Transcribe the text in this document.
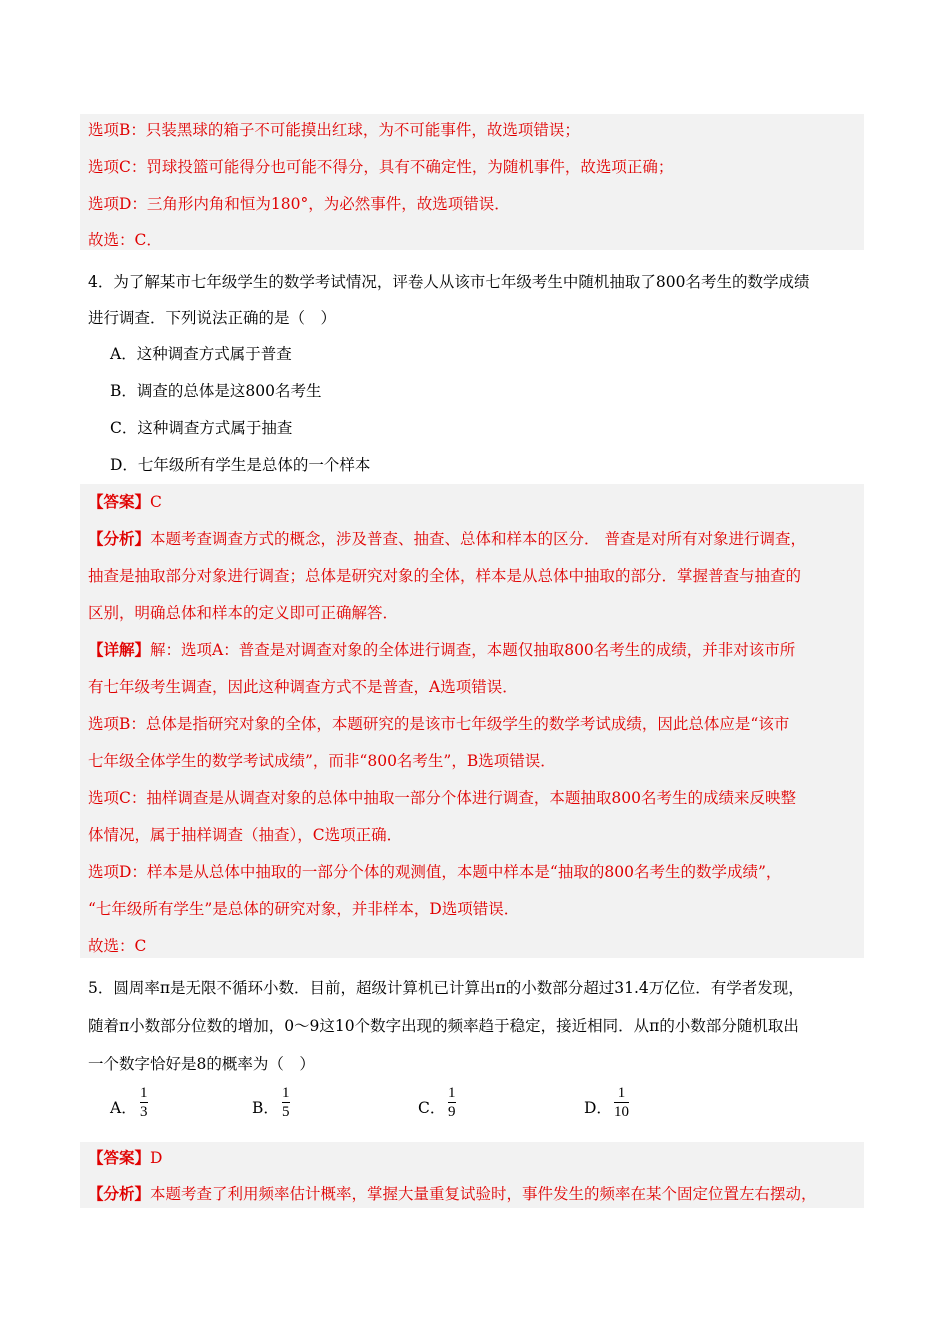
选项B：只装黑球的箱子不可能摸出红球，为不可能事件，故选项错误；
选项C：罚球投篮可能得分也可能不得分，具有不确定性，为随机事件，故选项正确；
选项D：三角形内角和恒为180°，为必然事件，故选项错误．
故选：C．
4．为了解某市七年级学生的数学考试情况，评卷人从该市七年级考生中随机抽取了800名考生的数学成绩
进行调查．下列说法正确的是（　）
A．这种调查方式属于普查
B．调查的总体是这800名考生
C．这种调查方式属于抽查
D．七年级所有学生是总体的一个样本
【答案】C
【分析】本题考查调查方式的概念，涉及普查、抽查、总体和样本的区分． 普查是对所有对象进行调查，
抽查是抽取部分对象进行调查；总体是研究对象的全体，样本是从总体中抽取的部分．掌握普查与抽查的
区别，明确总体和样本的定义即可正确解答．
【详解】解：选项A：普查是对调查对象的全体进行调查，本题仅抽取800名考生的成绩，并非对该市所
有七年级考生调查，因此这种调查方式不是普查，A选项错误．
选项B：总体是指研究对象的全体，本题研究的是该市七年级学生的数学考试成绩，因此总体应是“该市
七年级全体学生的数学考试成绩”，而非“800名考生”，B选项错误．
选项C：抽样调查是从调查对象的总体中抽取一部分个体进行调查，本题抽取800名考生的成绩来反映整
体情况，属于抽样调查（抽查），C选项正确．
选项D：样本是从总体中抽取的一部分个体的观测值，本题中样本是“抽取的800名考生的数学成绩”，
“七年级所有学生”是总体的研究对象，并非样本，D选项错误．
故选：C
5．圆周率π是无限不循环小数．目前，超级计算机已计算出π的小数部分超过31.4万亿位．有学者发现，
随着π小数部分位数的增加，0～9这10个数字出现的频率趋于稳定，接近相同．从π的小数部分随机取出
一个数字恰好是8的概率为（　）
A．
1
3	B．
1
5	C．
1
9	D．
1
10
【答案】D
【分析】本题考查了利用频率估计概率，掌握大量重复试验时，事件发生的频率在某个固定位置左右摆动，
